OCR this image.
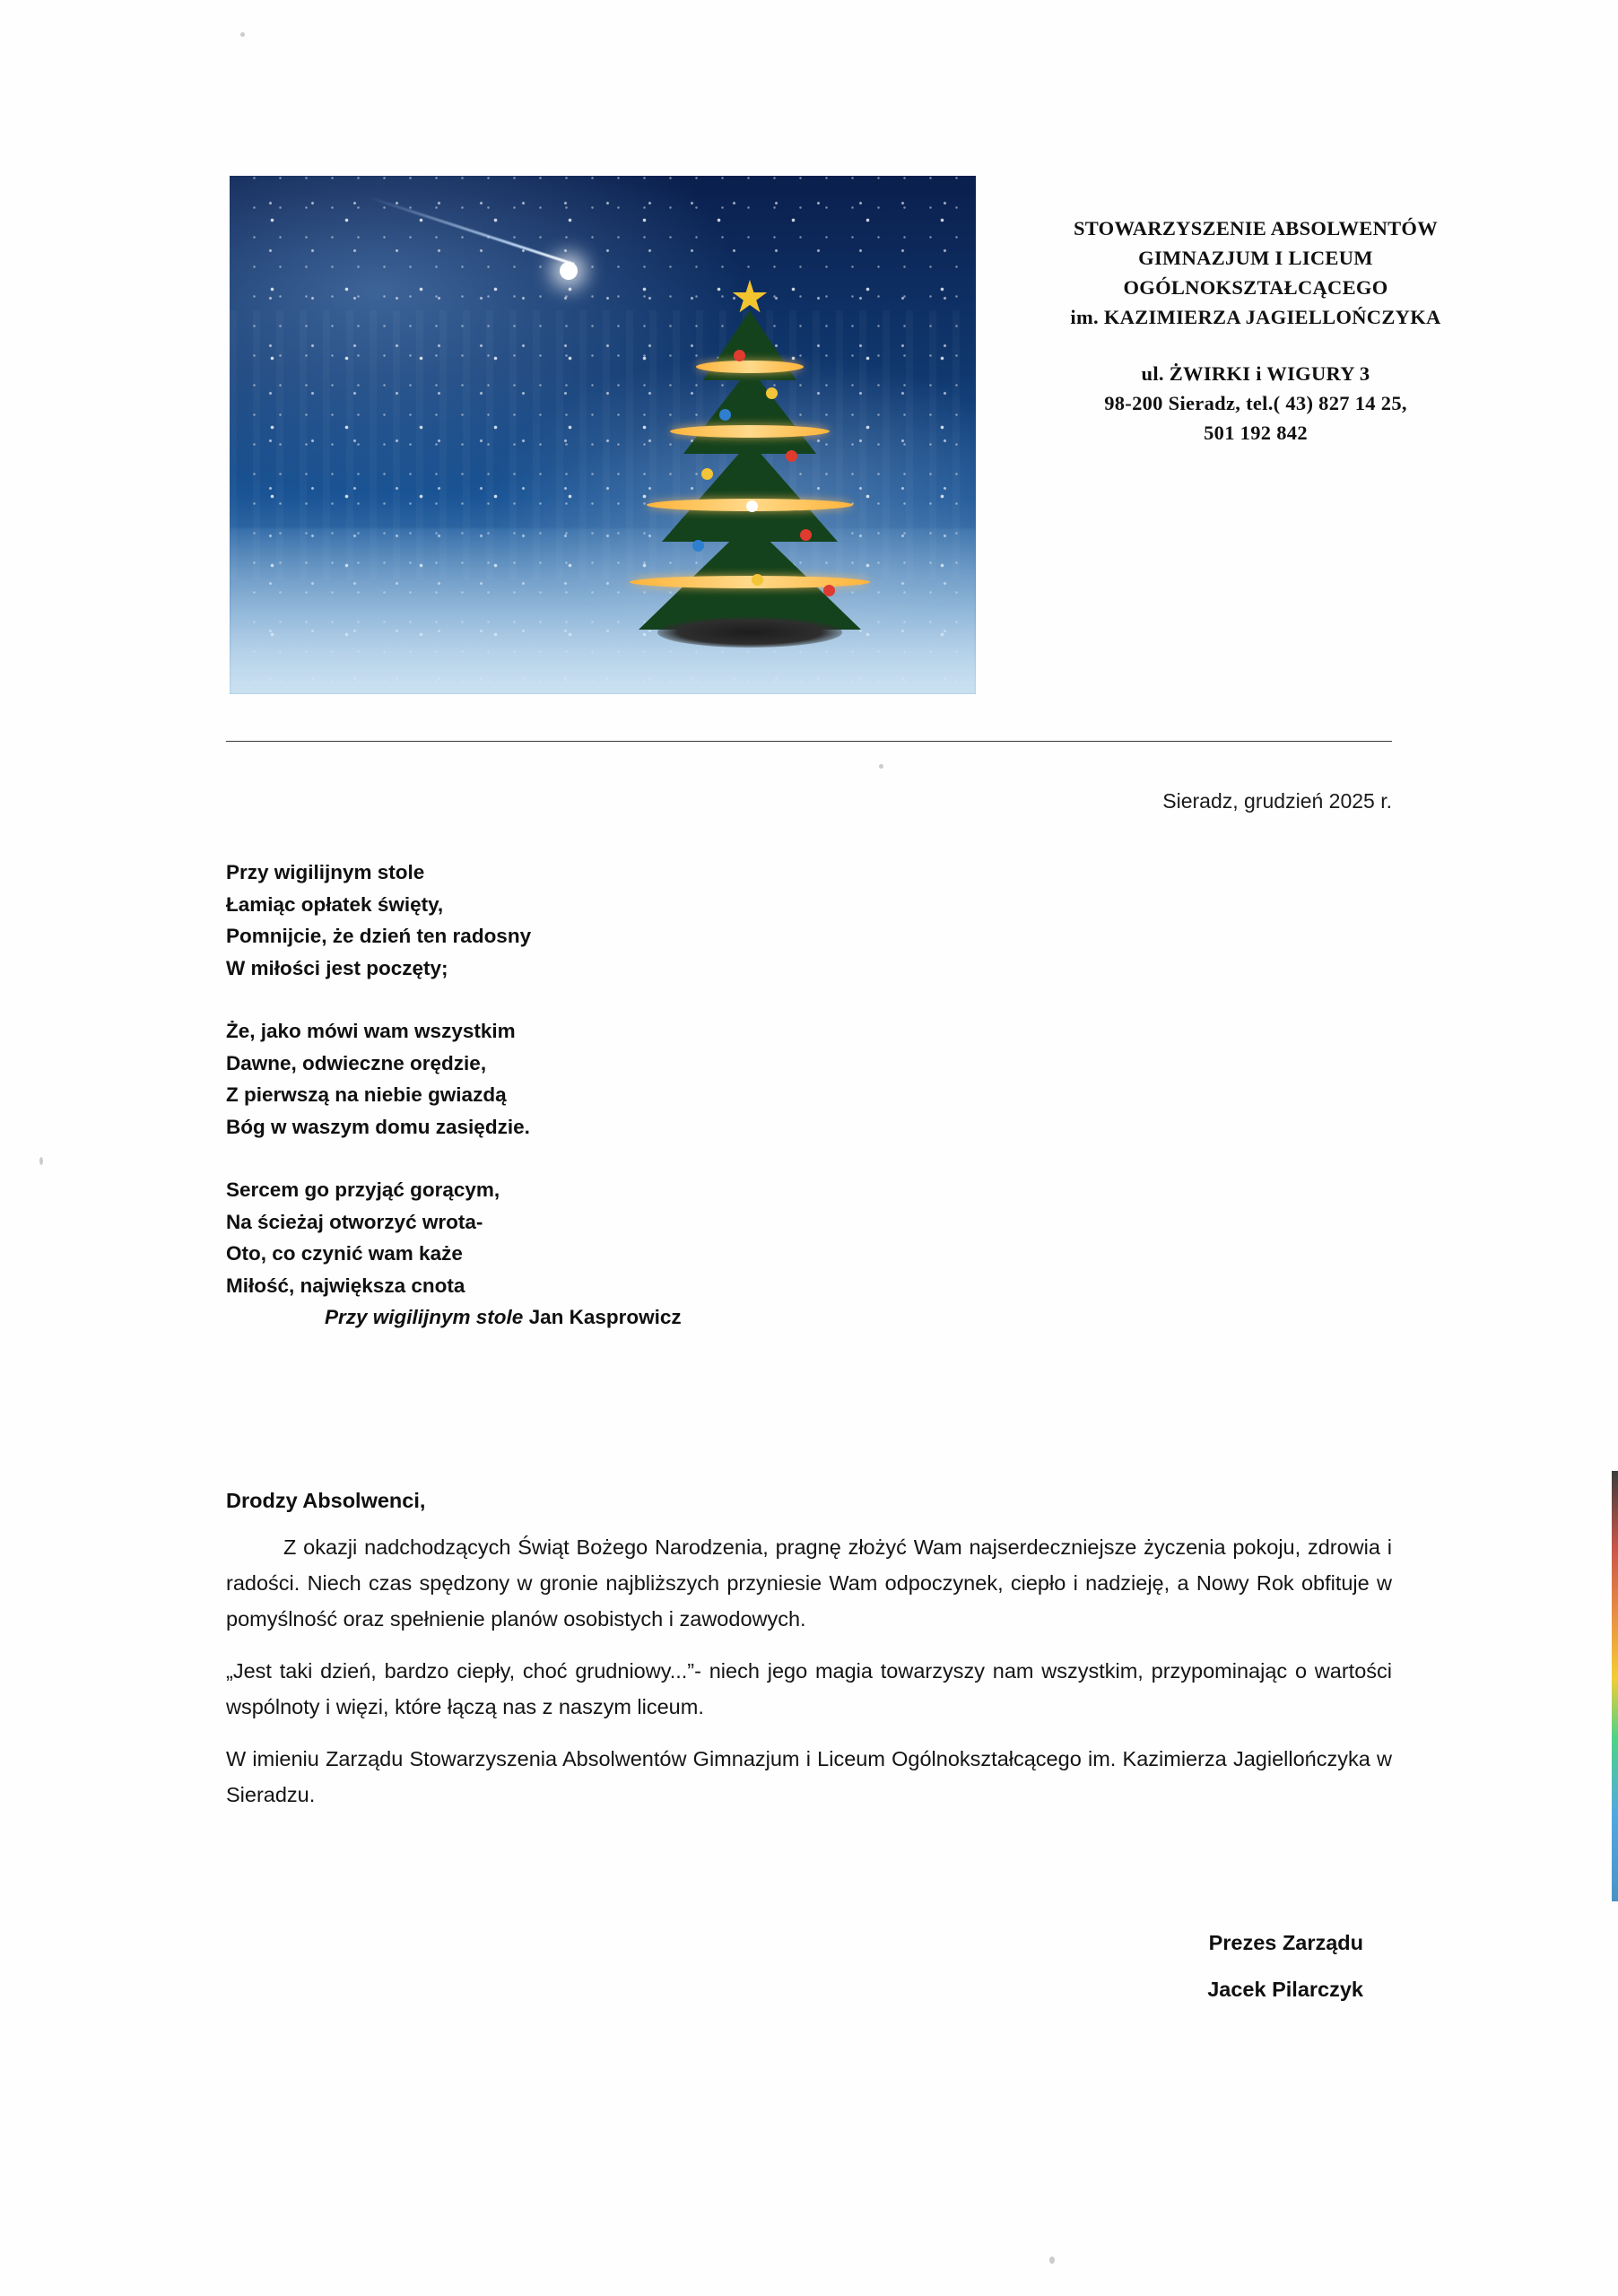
STOWARZYSZENIE ABSOLWENTÓW
GIMNAZJUM I LICEUM
OGÓLNOKSZTAŁCĄCEGO
im. KAZIMIERZA JAGIELLOŃCZYKA
ul. ŻWIRKI i WIGURY 3
98-200 Sieradz, tel.( 43) 827 14 25,
501 192 842
Sieradz, grudzień 2025 r.
Przy wigilijnym stole
Łamiąc opłatek święty,
Pomnijcie, że dzień ten radosny
W miłości jest poczęty;
Że, jako mówi wam wszystkim
Dawne, odwieczne orędzie,
Z pierwszą na niebie gwiazdą
Bóg w waszym domu zasiędzie.
Sercem go przyjąć gorącym,
Na ścieżaj otworzyć wrota-
Oto, co czynić wam każe
Miłość, największa cnota
Przy wigilijnym stole Jan Kasprowicz
Drodzy Absolwenci,

Z okazji nadchodzących Świąt Bożego Narodzenia, pragnę złożyć Wam najserdeczniejsze życzenia pokoju, zdrowia i radości. Niech czas spędzony w gronie najbliższych przyniesie Wam odpoczynek, ciepło i nadzieję, a Nowy Rok obfituje w pomyślność oraz spełnienie planów osobistych i zawodowych.

„Jest taki dzień, bardzo ciepły, choć grudniowy...”- niech jego magia towarzyszy nam wszystkim, przypominając o wartości wspólnoty i więzi, które łączą nas z naszym liceum.

W imieniu Zarządu Stowarzyszenia Absolwentów Gimnazjum i Liceum Ogólnokształcącego im. Kazimierza Jagiellończyka w Sieradzu.

Prezes Zarządu
Jacek Pilarczyk
